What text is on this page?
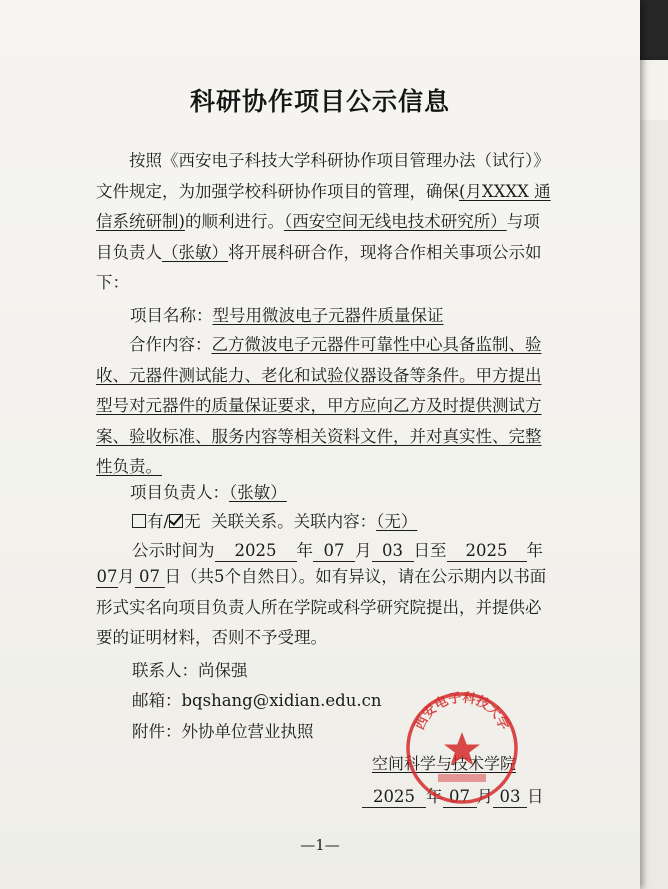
科研协作项目公示信息
按照《西安电子科技大学科研协作项目管理办法（试行）》文件规定，为加强学校科研协作项目的管理，确保(月XXXX 通信系统研制)的顺利进行。（西安空间无线电技术研究所）与项目负责人（张敏）将开展科研合作，现将合作相关事项公示如下：
项目名称：型号用微波电子元器件质量保证
合作内容：乙方微波电子元器件可靠性中心具备监制、验收、元器件测试能力、老化和试验仪器设备等条件。甲方提出型号对元器件的质量保证要求，甲方应向乙方及时提供测试方案、验收标准、服务内容等相关资料文件，并对真实性、完整性负责。
项目负责人：（张敏）
有/ 无 关联关系。关联内容：（无）
公示时间为 2025 年 07 月 03 日至 2025 年
07月 07 日（共5个自然日）。如有异议，请在公示期内以书面形式实名向项目负责人所在学院或科学研究院提出，并提供必要的证明材料，否则不予受理。
联系人：尚保强
邮箱：bqshang@xidian.edu.cn
附件：外协单位营业执照
空间科学与技术学院
2025 年 07 月 03 日
西安电子科技大学
—1—
